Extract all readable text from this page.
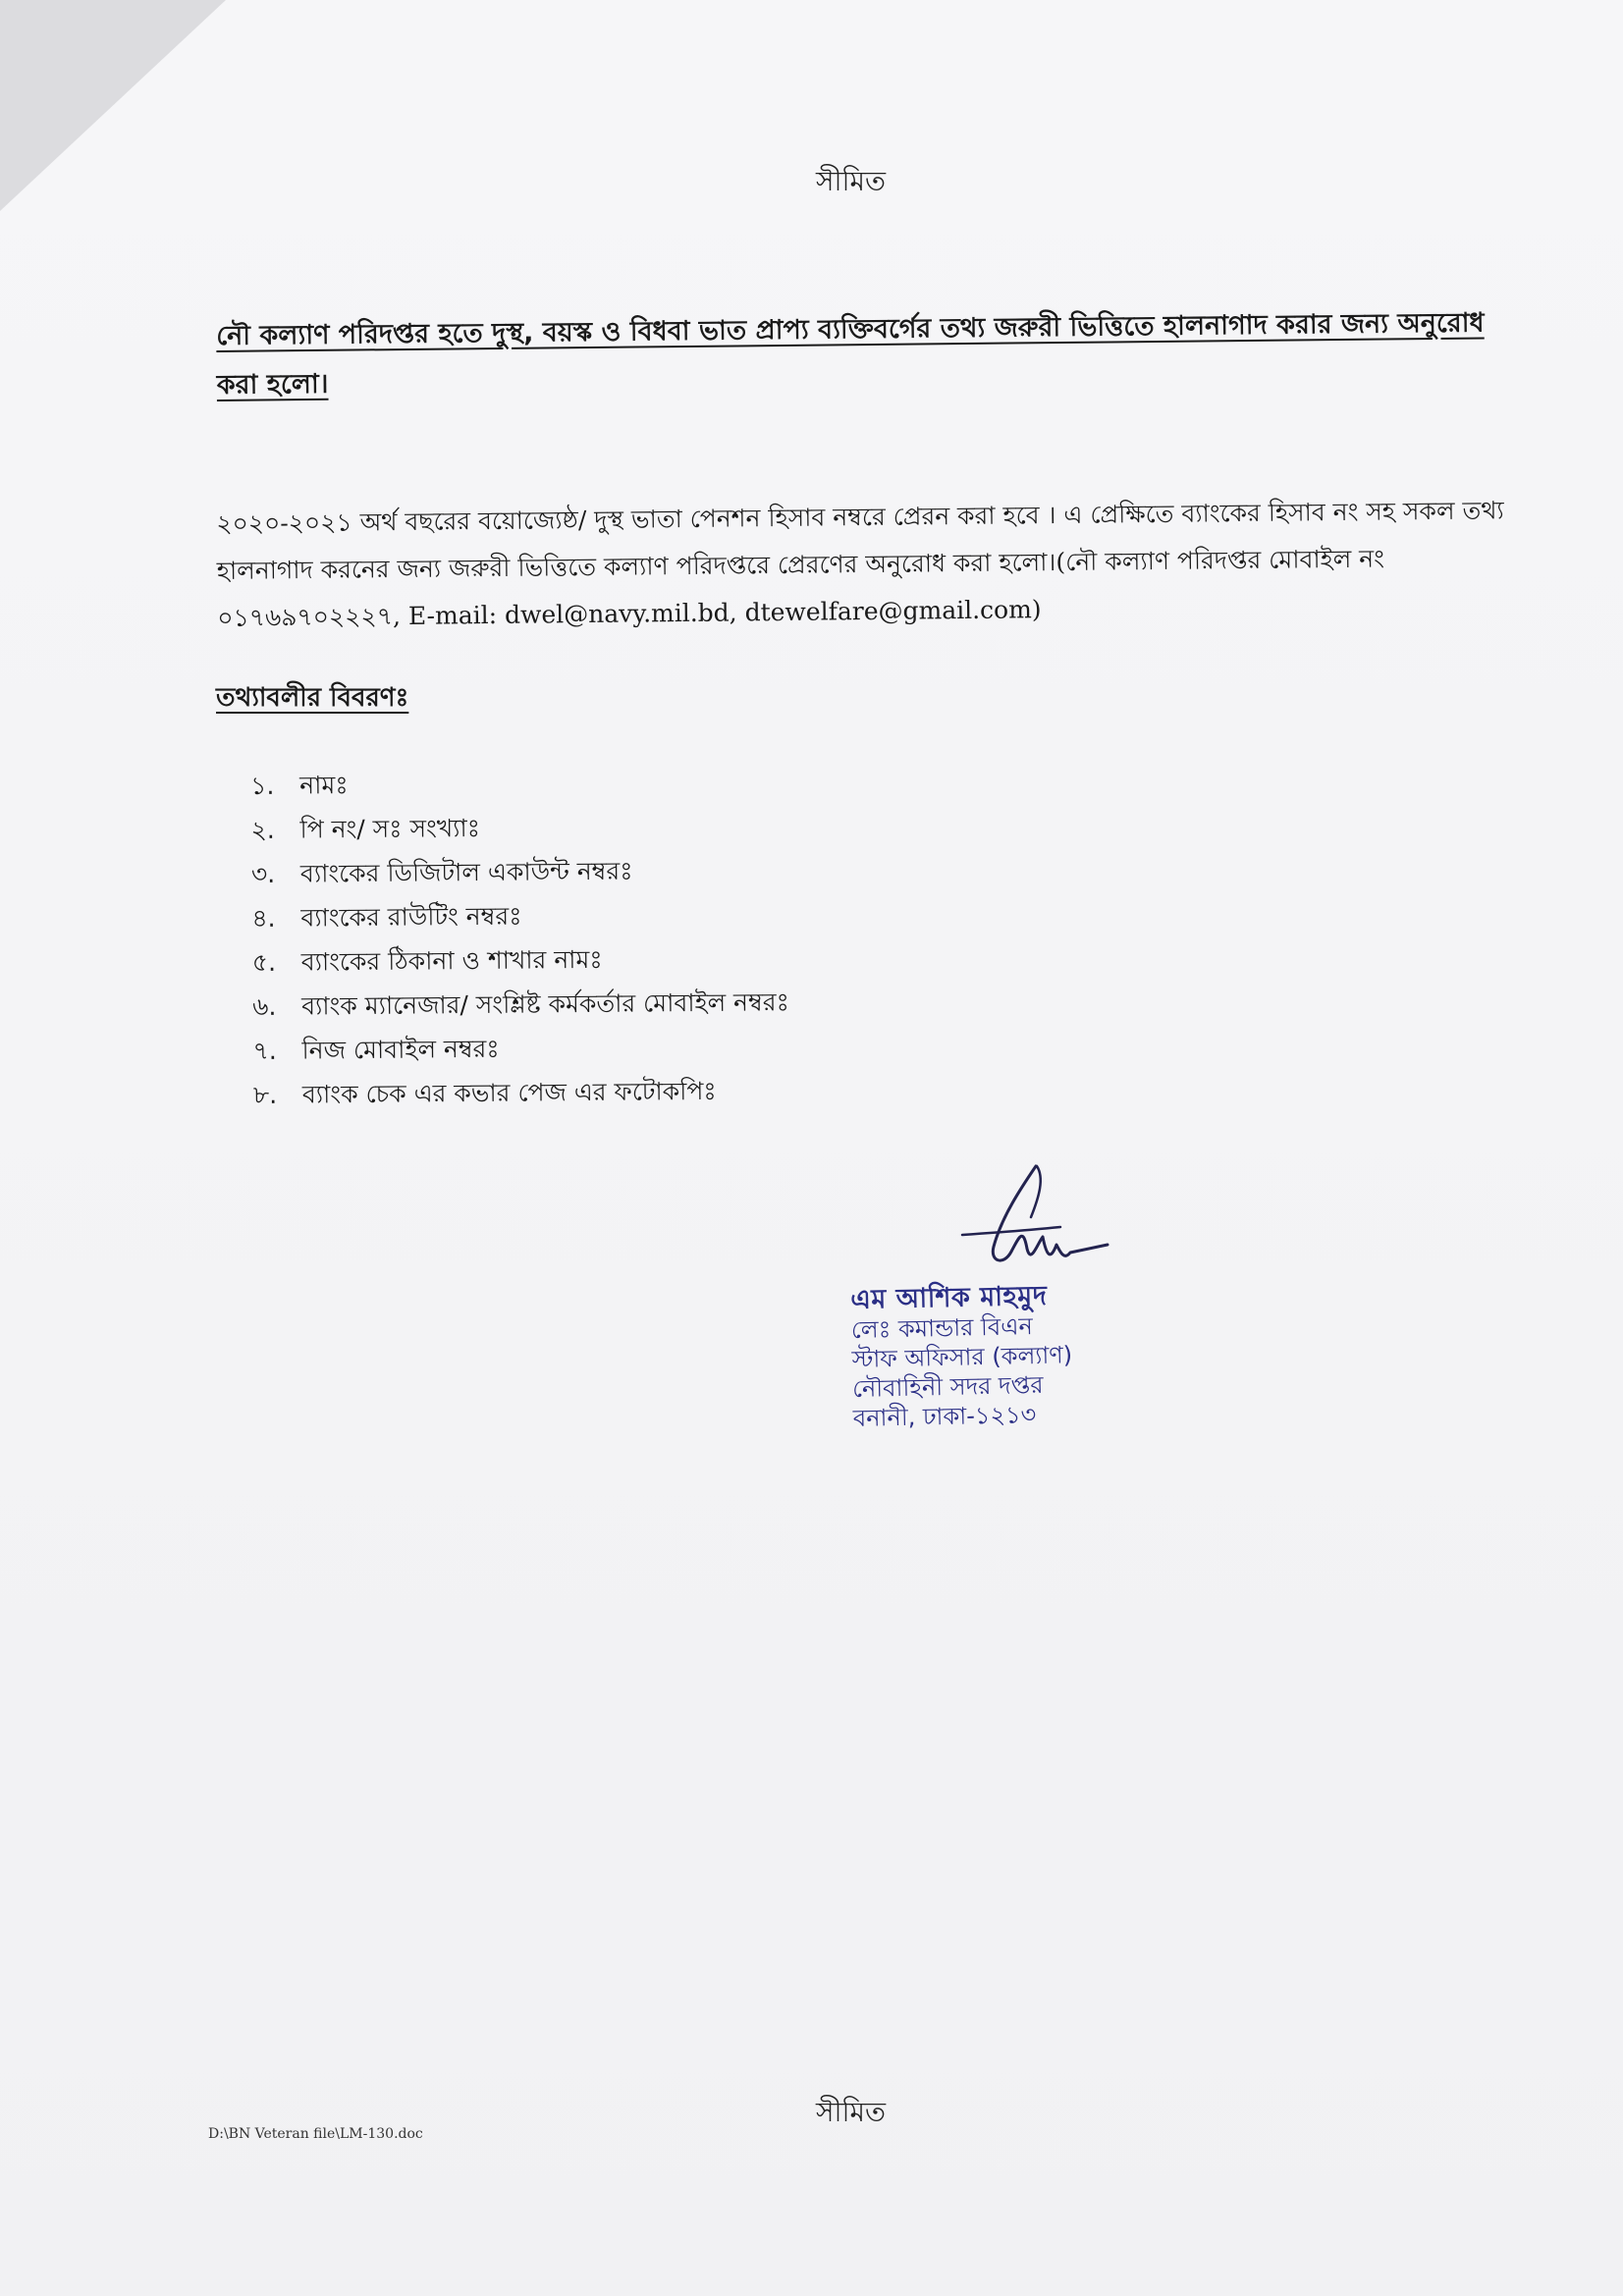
সীমিত
নৌ কল্যাণ পরিদপ্তর হতে দুস্থ, বয়স্ক ও বিধবা ভাত প্রাপ্য ব্যক্তিবর্গের তথ্য জরুরী ভিত্তিতে হালনাগাদ করার জন্য অনুরোধ করা হলো।
২০২০-২০২১ অর্থ বছরের বয়োজ্যেষ্ঠ/ দুস্থ ভাতা পেনশন হিসাব নম্বরে প্রেরন করা হবে । এ প্রেক্ষিতে ব্যাংকের হিসাব নং সহ সকল তথ্য হালনাগাদ করনের জন্য জরুরী ভিত্তিতে কল্যাণ পরিদপ্তরে প্রেরণের অনুরোধ করা হলো।(নৌ কল্যাণ পরিদপ্তর মোবাইল নং ০১৭৬৯৭০২২২৭, E-mail: dwel@navy.mil.bd, dtewelfare@gmail.com)
তথ্যাবলীর বিবরণঃ
১. নামঃ
২. পি নং/ সঃ সংখ্যাঃ
৩. ব্যাংকের ডিজিটাল একাউন্ট নম্বরঃ
৪. ব্যাংকের রাউটিং নম্বরঃ
৫. ব্যাংকের ঠিকানা ও শাখার নামঃ
৬. ব্যাংক ম্যানেজার/ সংশ্লিষ্ট কর্মকর্তার মোবাইল নম্বরঃ
৭. নিজ মোবাইল নম্বরঃ
৮. ব্যাংক চেক এর কভার পেজ এর ফটোকপিঃ
এম আশিক মাহমুদ
লেঃ কমান্ডার বিএন
স্টাফ অফিসার (কল্যাণ)
নৌবাহিনী সদর দপ্তর
বনানী, ঢাকা-১২১৩
সীমিত
D:\BN Veteran file\LM-130.doc
